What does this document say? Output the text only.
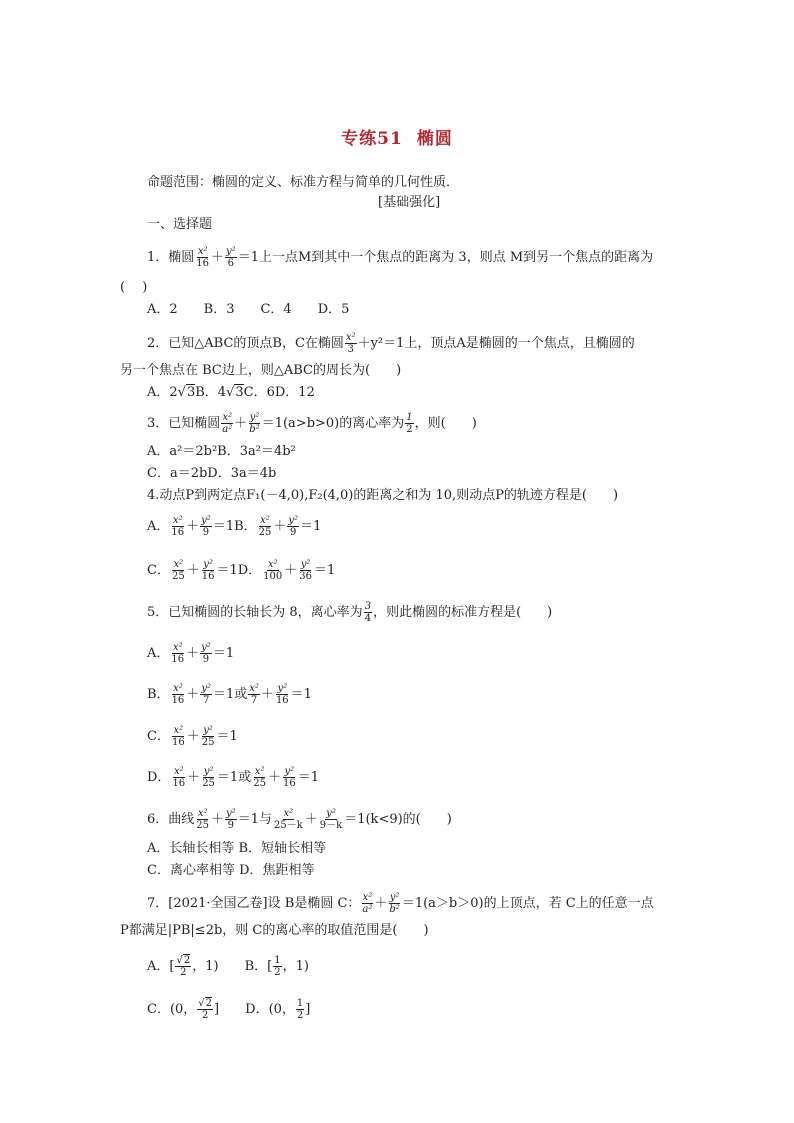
专练51 椭圆
命题范围：椭圆的定义、标准方程与简单的几何性质．
[基础强化]
一、选择题
1．椭圆 $\frac{\text{x²}}{16} + \frac{\text{y²}}{6} =1$上一点M到其中一个焦点的距离为 3，则点 M到另一个焦点的距离为
(　 )
A．2　　B．3　　C．4　　D．5
2．已知△ABC的顶点B，C在椭圆 $\frac{\text{x²}}{3} +y^2=1$上，顶点A是椭圆的一个焦点，且椭圆的
另一个焦点在 BC边上，则△ABC的周长为(　　)
A．2√3B．4√3C．6D．12
3．已知椭圆 $\frac{\text{x²}}{\text{a²}} + \frac{\text{y²}}{\text{b²}} =1(a>b>0)$的离心率为 $\frac{1}{2}$ ，则(　　)
A．a²＝2b²B．3a²＝4b²
C．a＝2bD．3a＝4b
4.动点P到两定点F₁(－4,0),F₂(4,0)的距离之和为 10,则动点P的轨迹方程是(　　)
A． $\frac{\text{x²}}{16} + \frac{\text{y²}}{9} =1B$． $\frac{\text{x²}}{25} + \frac{\text{y²}}{9} =1$
C． $\frac{\text{x²}}{25} + \frac{\text{y²}}{16} =1D$． $\frac{\text{x²}}{100} + \frac{\text{y²}}{36} =1$
5．已知椭圆的长轴长为 8，离心率为 $\frac{3}{4}$ ，则此椭圆的标准方程是(　　)
A． $\frac{\text{x²}}{16} + \frac{\text{y²}}{9} =1$
B． $\frac{\text{x²}}{16} + \frac{\text{y²}}{7} =1$或 $\frac{\text{x²}}{7} + \frac{\text{y²}}{16} =1$
C． $\frac{\text{x²}}{16} + \frac{\text{y²}}{25} =1$
D． $\frac{\text{x²}}{16} + \frac{\text{y²}}{25} =1$或 $\frac{\text{x²}}{25} + \frac{\text{y²}}{16} =1$
6．曲线 $\frac{\text{x²}}{25} + \frac{\text{y²}}{9} =1$与 $\frac{\text{x²}}{25-k} + \frac{\text{y²}}{9-k} =1(k<9)$的(　　)
A．长轴长相等 B．短轴长相等
C．离心率相等 D．焦距相等
7．[2021·全国乙卷]设 B是椭圆 C： $\frac{\text{x²}}{\text{a²}} + \frac{\text{y²}}{\text{b²}} =1(a>b>0)$的上顶点，若 C上的任意一点
P都满足|PB|≤2b，则 C的离心率的取值范围是(　　)
A．[ $\frac{√2}{2}$ ，1)　　 B．[ $\frac{1}{2}$ ，1)
C．(0， $\frac{√2}{2}$ ]　　 D．(0， $\frac{1}{2}$ ]
